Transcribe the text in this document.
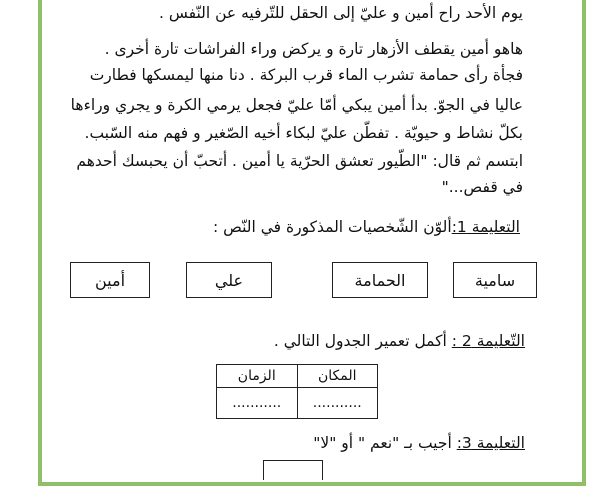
يوم الأحد راح أمين و عليّ إلى الحقل للتّرفيه عن النّفس .
هاهو أمين يقطف الأزهار تارة و يركض وراء الفراشات تارة أخرى .
فجأة رأى حمامة تشرب الماء قرب البركة . دنا منها ليمسكها فطارت
عاليا في الجوّ. بدأ أمين يبكي أمّا عليّ فجعل يرمي الكرة و يجري وراءها
بكلّ نشاط و حيويّة . تفطّن عليّ لبكاء أخيه الصّغير و فهم منه السّبب.
ابتسم ثم قال: "الطّيور تعشق الحرّية يا أمين . أتحبّ أن يحبسك أحدهم
في قفص..."
التعليمة 1:ألوّن الشّخصيات المذكورة في النّص :
سامية
الحمامة
علي
أمين
التّعليمة 2 : أكمل تعمير الجدول التالي .
المكان	الزمان
...........	...........
التعليمة 3: أجيب بـ "نعم " أو "لا"
